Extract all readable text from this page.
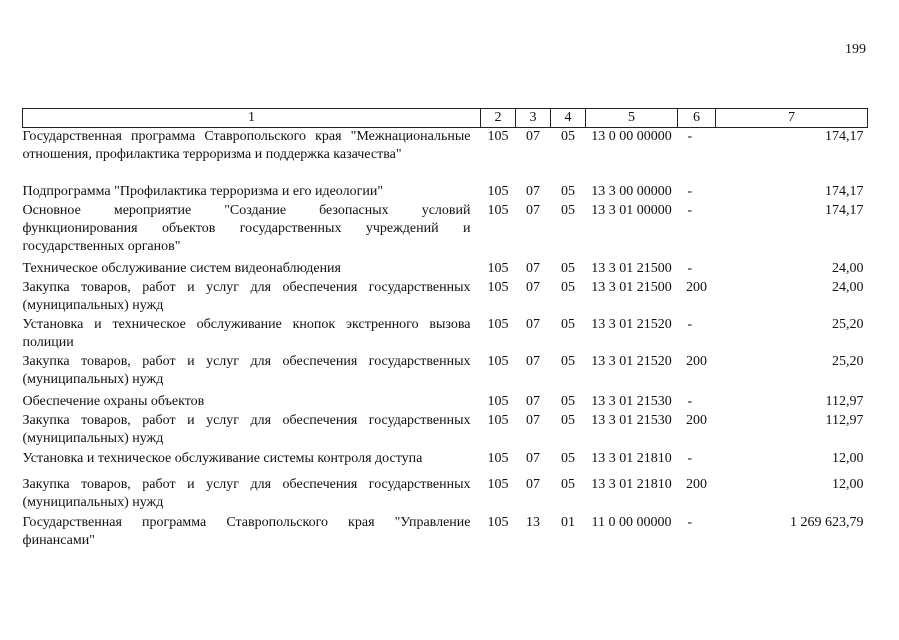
199
1	2	3	4	5	6	7
Государственная программа Ставропольского края "Межнациональные отношения, профилактика терроризма и поддержка казачества"	105	07	05	13 0 00 00000	-	174,17
Подпрограмма "Профилактика терроризма и его идеологии"	105	07	05	13 3 00 00000	-	174,17
Основное мероприятие "Создание безопасных условий функционирования объектов государственных учреждений и государственных органов"	105	07	05	13 3 01 00000	-	174,17
Техническое обслуживание систем видеонаблюдения	105	07	05	13 3 01 21500	-	24,00
Закупка товаров, работ и услуг для обеспечения государственных (муниципальных) нужд	105	07	05	13 3 01 21500	200	24,00
Установка и техническое обслуживание кнопок экстренного вызова полиции	105	07	05	13 3 01 21520	-	25,20
Закупка товаров, работ и услуг для обеспечения государственных (муниципальных) нужд	105	07	05	13 3 01 21520	200	25,20
Обеспечение охраны объектов	105	07	05	13 3 01 21530	-	112,97
Закупка товаров, работ и услуг для обеспечения государственных (муниципальных) нужд	105	07	05	13 3 01 21530	200	112,97
Установка и техническое обслуживание системы контроля доступа	105	07	05	13 3 01 21810	-	12,00
Закупка товаров, работ и услуг для обеспечения государственных (муниципальных) нужд	105	07	05	13 3 01 21810	200	12,00
Государственная программа Ставропольского края "Управление финансами"	105	13	01	11 0 00 00000	-	1 269 623,79
